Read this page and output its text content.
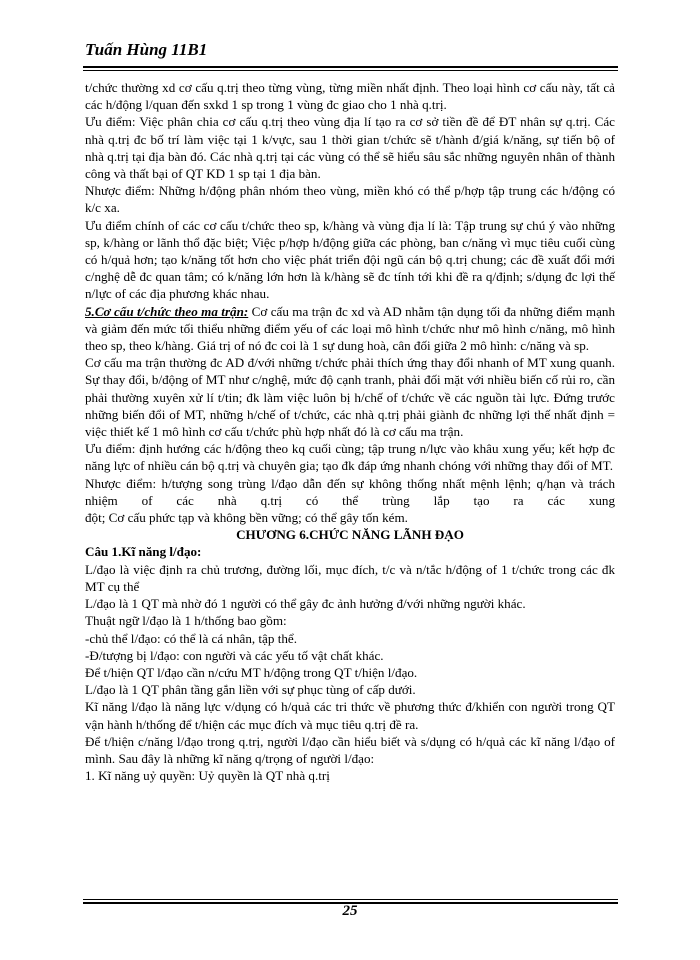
Tuấn Hùng 11B1

t/chức thường xd cơ cấu q.trị theo từng vùng, từng miền nhất định. Theo loại hình cơ cấu này, tất cả các h/động l/quan đến sxkd 1 sp trong 1 vùng đc giao cho 1 nhà q.trị.

Ưu điểm: Việc phân chia cơ cấu q.trị theo vùng địa lí tạo ra cơ sở tiền đề để ĐT nhân sự q.trị. Các nhà q.trị đc bố trí làm việc tại 1 k/vực, sau 1 thời gian t/chức sẽ t/hành đ/giá k/năng, sự tiến bộ of nhà q.trị tại địa bàn đó. Các nhà q.trị tại các vùng có thể sẽ hiểu sâu sắc những nguyên nhân of thành công và thất bại of QT KD 1 sp tại 1 địa bàn.

Nhược điểm: Những h/động phân nhóm theo vùng, miền khó có thể p/hợp tập trung các h/động có k/c xa.

Ưu điểm chính of các cơ cấu t/chức theo sp, k/hàng và vùng địa lí là: Tập trung sự chú ý vào những sp, k/hàng or lãnh thổ đặc biệt; Việc p/hợp h/động giữa các phòng, ban c/năng vì mục tiêu cuối cùng có h/quả hơn; tạo k/năng tốt hơn cho việc phát triển đội ngũ cán bộ q.trị chung; các đề xuất đổi mới c/nghệ dễ đc quan tâm; có k/năng lớn hơn là k/hàng sẽ đc tính tới khi đề ra q/định; s/dụng đc lợi thế n/lực of các địa phương khác nhau.

5.Cơ cấu t/chức theo ma trận: Cơ cấu ma trận đc xd và AD nhằm tận dụng tối đa những điểm mạnh và giảm đến mức tối thiểu những điểm yếu of các loại mô hình t/chức như mô hình c/năng, mô hình theo sp, theo k/hàng. Giá trị of nó đc coi là 1 sự dung hoà, cân đối giữa 2 mô hình: c/năng và sp.

Cơ cấu ma trận thường đc AD đ/với những t/chức phải thích ứng thay đổi nhanh of MT xung quanh. Sự thay đổi, b/động of MT như c/nghệ, mức độ cạnh tranh, phải đối mặt với nhiều biến cố rủi ro, cần phải thường xuyên xử lí t/tin; đk làm việc luôn bị h/chế of t/chức về các nguồn tài lực. Đứng trước những biến đổi of MT, những h/chế of t/chức, các nhà q.trị phải giành đc những lợi thế nhất định = việc thiết kế 1 mô hình cơ cấu t/chức phù hợp nhất đó là cơ cấu ma trận.

Ưu điểm: định hướng các h/động theo kq cuối cùng; tập trung n/lực vào khâu xung yếu; kết hợp đc năng lực of nhiều cán bộ q.trị và chuyên gia; tạo đk đáp ứng nhanh chóng với những thay đổi of MT.

Nhược điểm: h/tượng song trùng l/đạo dẫn đến sự không thống nhất mệnh lệnh; q/hạn và trách nhiệm of các nhà q.trị có thể trùng lắp tạo ra các xung

đột; Cơ cấu phức tạp và không bền vững; có thể gây tốn kém.

CHƯƠNG 6.CHỨC NĂNG LÃNH ĐẠO

Câu 1.Kĩ năng l/đạo:

L/đạo là việc định ra chủ trương, đường lối, mục đích, t/c và n/tắc h/động of 1 t/chức trong các đk MT cụ thể

L/đạo là 1 QT mà nhờ đó 1 người có thể gây đc ảnh hưởng đ/với những người khác.

Thuật ngữ l/đạo là 1 h/thống bao gồm:

-chủ thể l/đạo: có thể là cá nhân, tập thể.

-Đ/tượng bị l/đạo: con người và các yếu tố vật chất khác.

Để t/hiện QT l/đạo cần n/cứu MT h/động trong QT t/hiện l/đạo.

L/đạo là 1 QT phân tầng gắn liền với sự phục tùng of cấp dưới.

Kĩ năng l/đạo là năng lực v/dụng có h/quả các tri thức về phương thức đ/khiển con người trong QT vận hành h/thống để t/hiện các mục đích và mục tiêu q.trị đề ra.

Để t/hiện c/năng l/đạo trong q.trị, người l/đạo cần hiểu biết và s/dụng có h/quả các kĩ năng l/đạo of mình. Sau đây là những kĩ năng q/trọng of người l/đạo:

1. Kĩ năng uỷ quyền: Uỷ quyền là QT nhà q.trị

25
